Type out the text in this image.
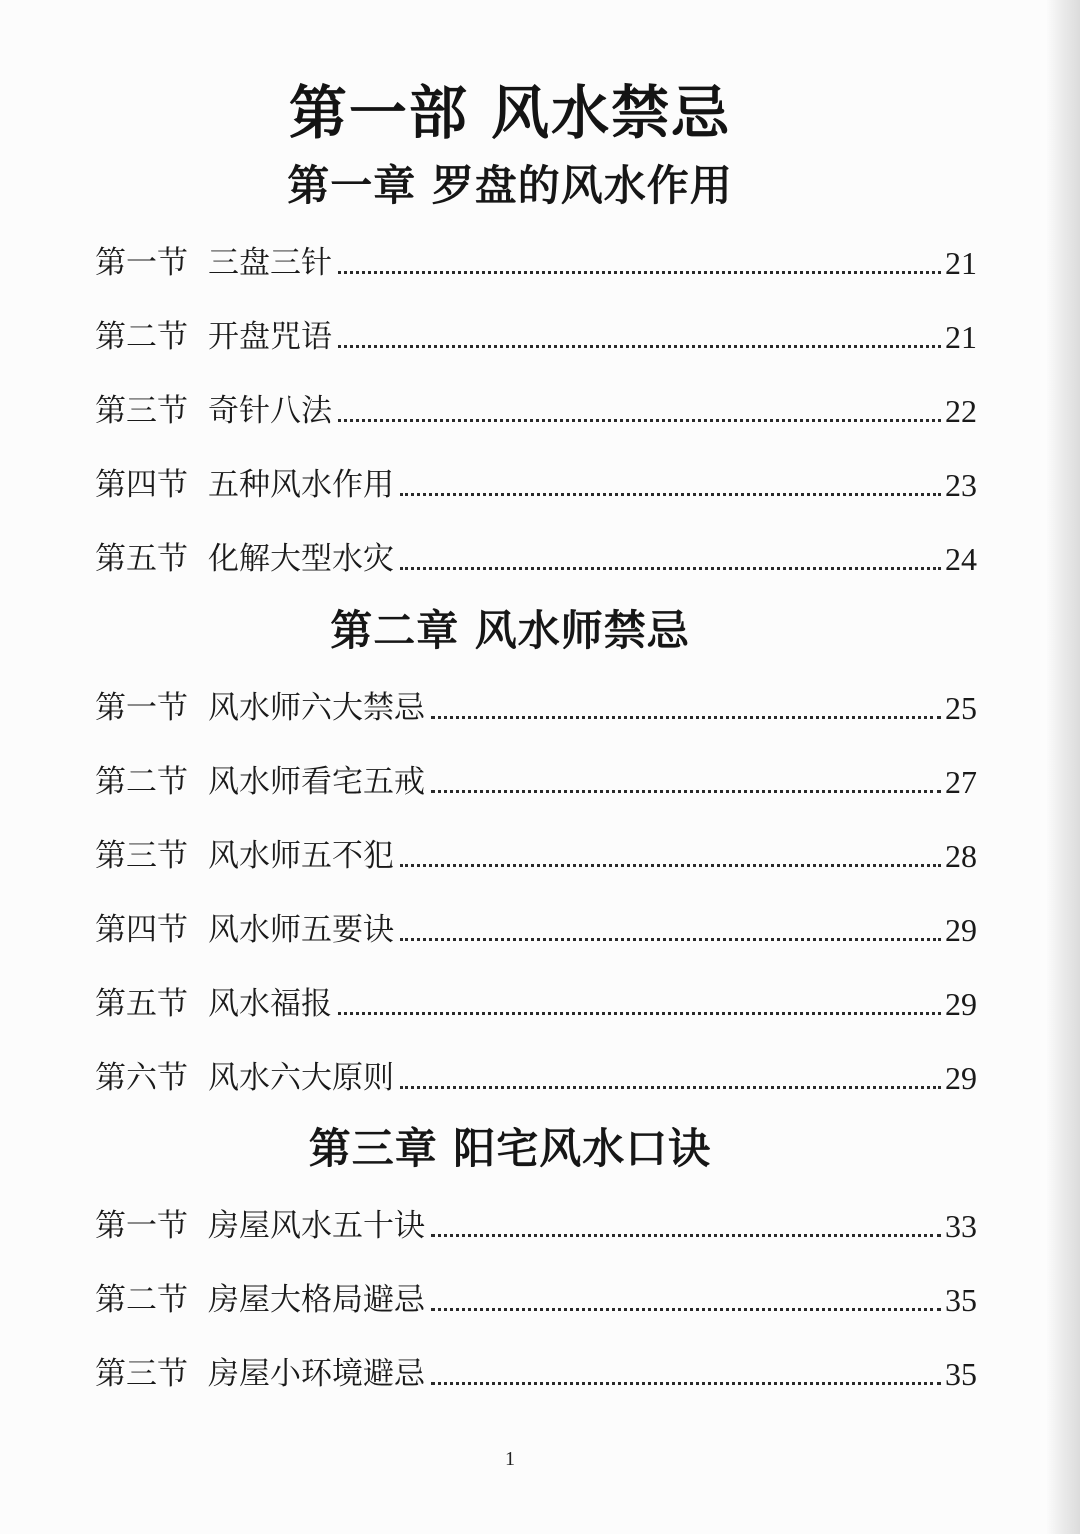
第一部 风水禁忌
第一章 罗盘的风水作用
第一节 三盘三针	21
第二节 开盘咒语	21
第三节 奇针八法	22
第四节 五种风水作用	23
第五节 化解大型水灾	24
第二章 风水师禁忌
第一节 风水师六大禁忌	25
第二节 风水师看宅五戒	27
第三节 风水师五不犯	28
第四节 风水师五要诀	29
第五节 风水福报	29
第六节 风水六大原则	29
第三章 阳宅风水口诀
第一节 房屋风水五十诀	33
第二节 房屋大格局避忌	35
第三节 房屋小环境避忌	35
1
